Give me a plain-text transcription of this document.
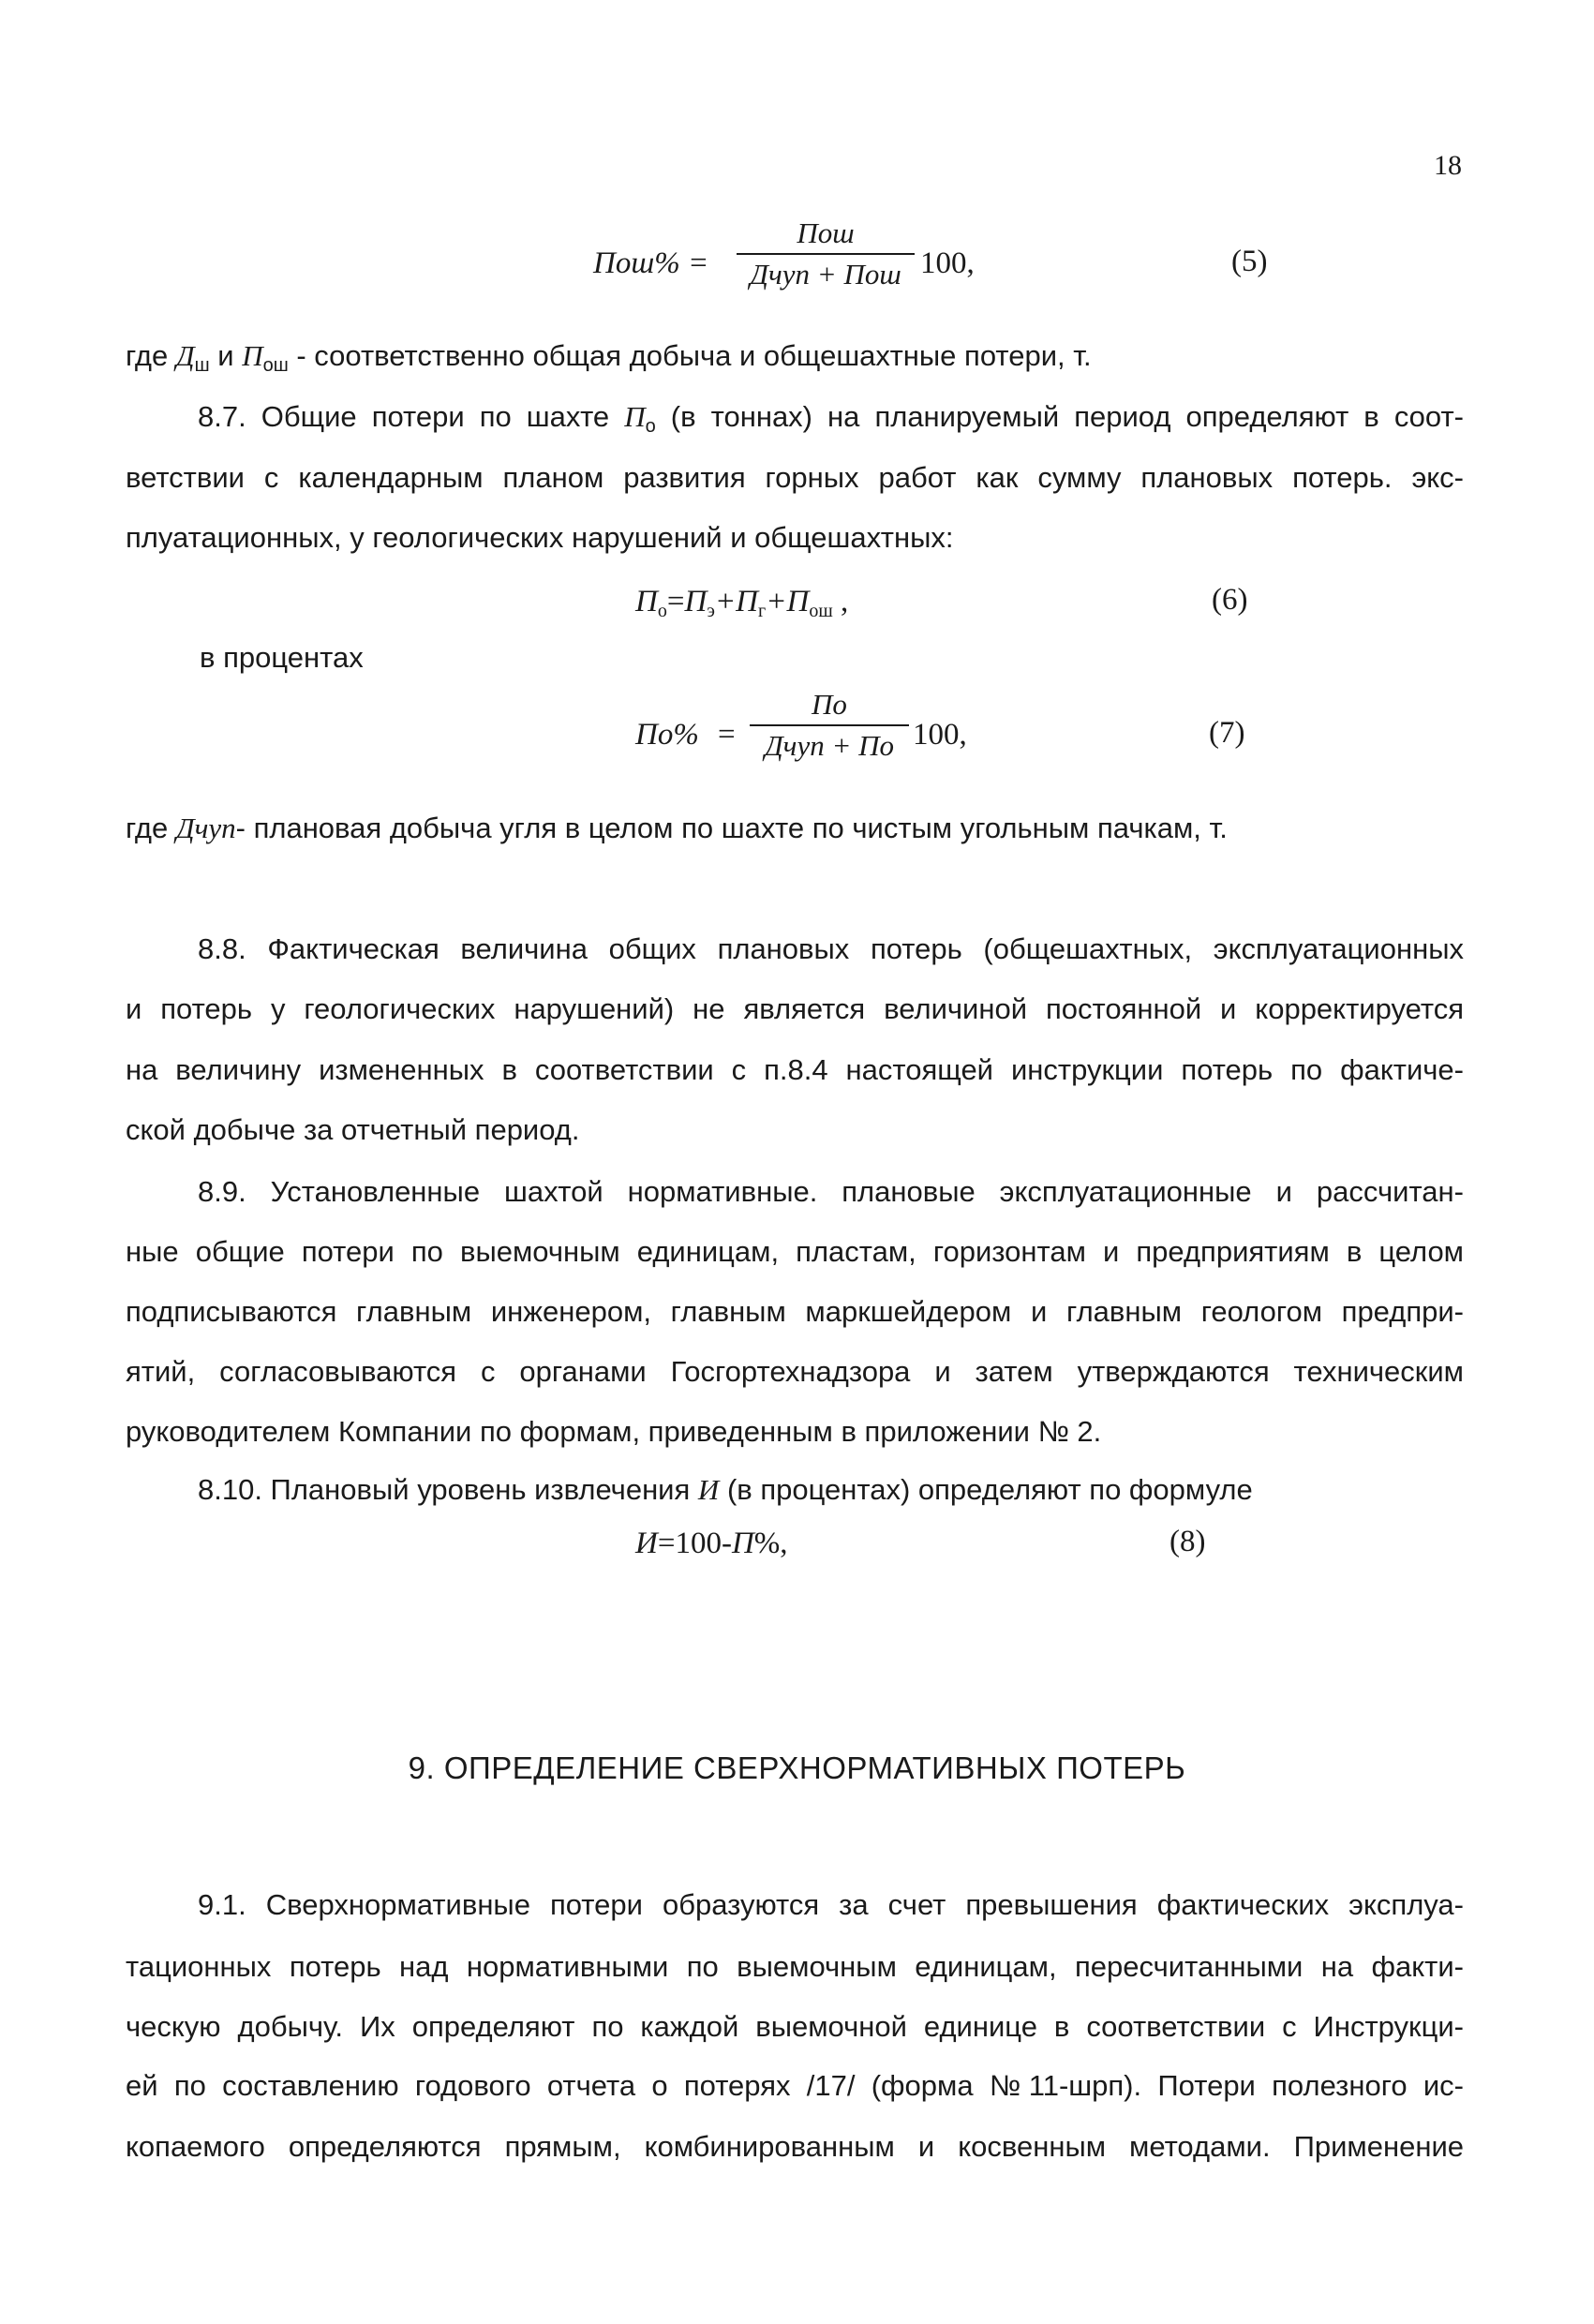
18
Пош% =
Пош
Дчуп + Пош 100,	(5)
где $Д_ш$ и $П_{ош}$ - соответственно общая добыча и общешахтные потери, т.
8.7. Общие потери по шахте $П_о$ (в тоннах) на планируемый период определяют в соот-
ветствии с календарным планом развития горных работ как сумму плановых потерь. экс-
плуатационных, у геологических нарушений и общешахтных:
$П_о=П_э+П_г+П_{ош}$ ,	(6)
в процентах
По% =
По
Дчуп + По 100,	(7)
где Дчуп- плановая добыча угля в целом по шахте по чистым угольным пачкам, т.
8.8. Фактическая величина общих плановых потерь (общешахтных, эксплуатационных
и потерь у геологических нарушений) не является величиной постоянной и корректируется
на величину измененных в соответствии с п.8.4 настоящей инструкции потерь по фактиче-
ской добыче за отчетный период.
8.9. Установленные шахтой нормативные. плановые эксплуатационные и рассчитан-
ные общие потери по выемочным единицам, пластам, горизонтам и предприятиям в целом
подписываются главным инженером, главным маркшейдером и главным геологом предпри-
ятий, согласовываются с органами Госгортехнадзора и затем утверждаются техническим
руководителем Компании по формам, приведенным в приложении № 2.
8.10. Плановый уровень извлечения И (в процентах) определяют по формуле
И=100-П%,	(8)
9. ОПРЕДЕЛЕНИЕ СВЕРХНОРМАТИВНЫХ ПОТЕРЬ
9.1. Сверхнормативные потери образуются за счет превышения фактических эксплуа-
тационных потерь над нормативными по выемочным единицам, пересчитанными на факти-
ческую добычу. Их определяют по каждой выемочной единице в соответствии с Инструкци-
ей по составлению годового отчета о потерях /17/ (форма №11-шрп). Потери полезного ис-
копаемого определяются прямым, комбинированным и косвенным методами. Применение
